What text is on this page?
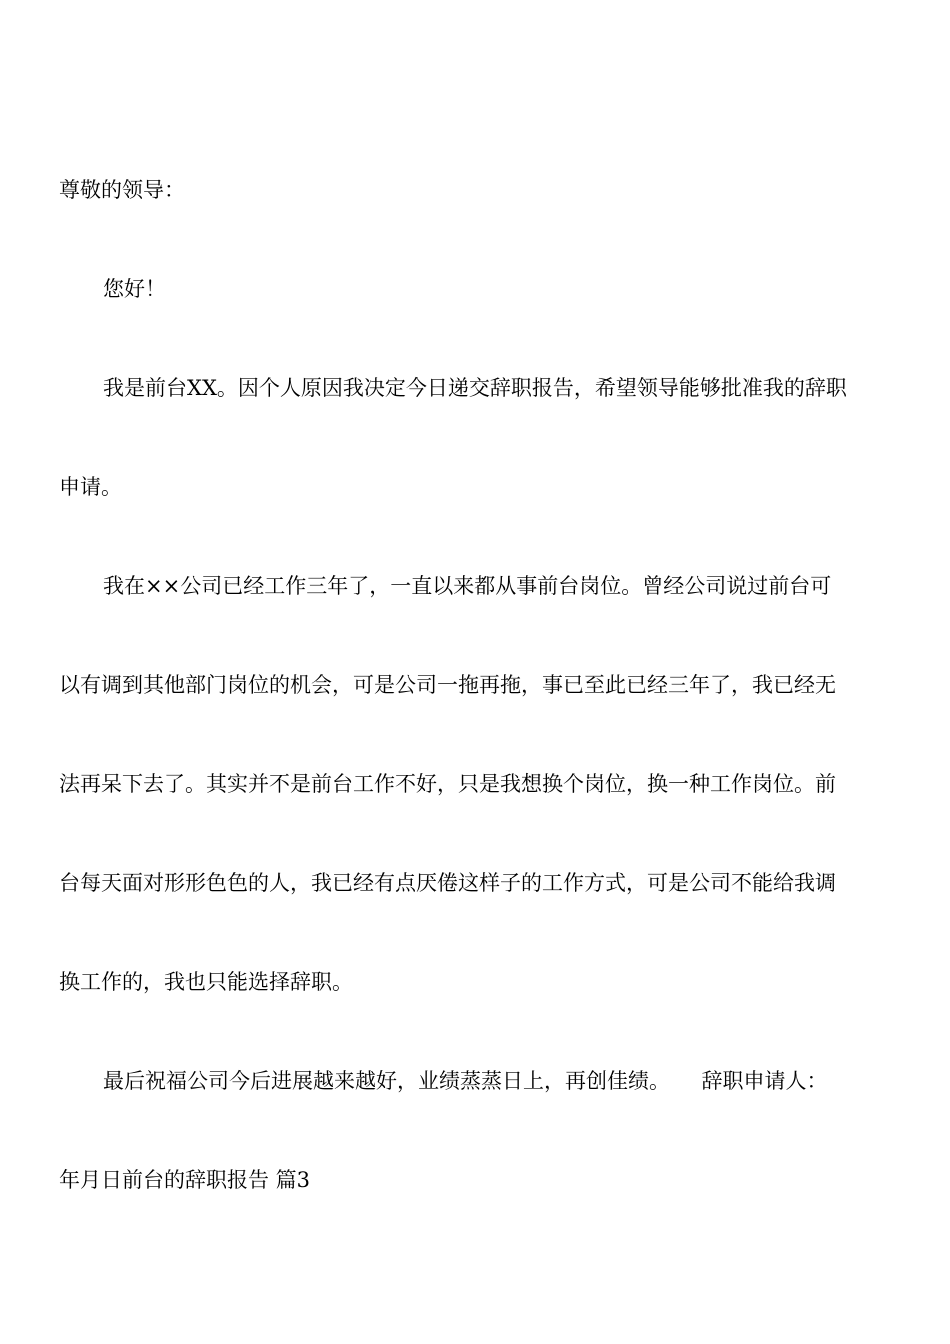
尊敬的领导：
您好！
我是前台XX。因个人原因我决定今日递交辞职报告，希望领导能够批准我的辞职
申请。
我在××公司已经工作三年了，一直以来都从事前台岗位。曾经公司说过前台可
以有调到其他部门岗位的机会，可是公司一拖再拖，事已至此已经三年了，我已经无
法再呆下去了。其实并不是前台工作不好，只是我想换个岗位，换一种工作岗位。前
台每天面对形形色色的人，我已经有点厌倦这样子的工作方式，可是公司不能给我调
换工作的，我也只能选择辞职。
最后祝福公司今后进展越来越好，业绩蒸蒸日上，再创佳绩。　　辞职申请人：
年月日前台的辞职报告 篇3
